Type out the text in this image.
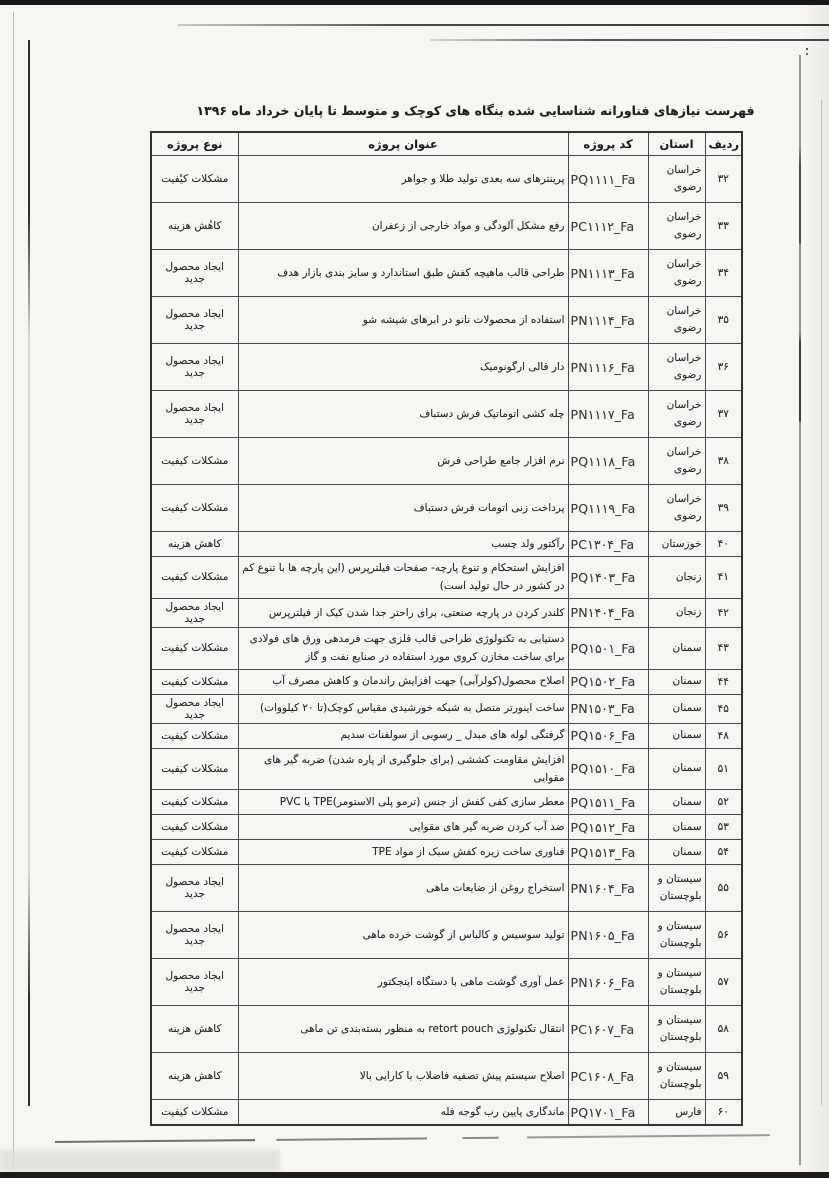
فهرست نیازهای فناورانه شناسایی شده بنگاه های کوچک و متوسط تا پایان خرداد ماه ۱۳۹۶
ردیف	استان	کد پروژه	عنوان پروژه	نوع پروژه
۳۲	خراسان رضوی	PQ۱۱۱۱_Fa	پرینترهای سه بعدی تولید طلا و جواهر	مشکلات کیفیت
۳۳	خراسان رضوی	PC۱۱۱۲_Fa	رفع مشکل آلودگی و مواد خارجی از زعفران	کاهش هزینه
۳۴	خراسان رضوی	PN۱۱۱۳_Fa	طراحی قالب ماهیچه کفش طبق استاندارد و سایز بندی بازار هدف	ایجاد محصول جدید
۳۵	خراسان رضوی	PN۱۱۱۴_Fa	استفاده از محصولات نانو در ابرهای شیشه شو	ایجاد محصول جدید
۳۶	خراسان رضوی	PN۱۱۱۶_Fa	دار قالی ارگونومیک	ایجاد محصول جدید
۳۷	خراسان رضوی	PN۱۱۱۷_Fa	چله کشی اتوماتیک فرش دستباف	ایجاد محصول جدید
۳۸	خراسان رضوی	PQ۱۱۱۸_Fa	نرم افزار جامع طراحی فرش	مشکلات کیفیت
۳۹	خراسان رضوی	PQ۱۱۱۹_Fa	پرداخت زنی اتومات فرش دستباف	مشکلات کیفیت
۴۰	خوزستان	PC۱۳۰۴_Fa	رآکتور ولد چسب	کاهش هزینه
۴۱	زنجان	PQ۱۴۰۳_Fa	افزایش استحکام و تنوع پارچه- صفحات فیلترپرس (این پارچه ها با تنوع کم در کشور در حال تولید است)	مشکلات کیفیت
۴۲	زنجان	PN۱۴۰۴_Fa	کلندر کردن در پارچه صنعتی، برای راحتر جدا شدن کیک از فیلترپرس	ایجاد محصول جدید
۴۳	سمنان	PQ۱۵۰۱_Fa	دستیابی به تکنولوژی طراحی قالب فلزی جهت فرمدهی ورق های فولادی برای ساخت مخازن کروی مورد استفاده در صنایع نفت و گاز	مشکلات کیفیت
۴۴	سمنان	PQ۱۵۰۲_Fa	اصلاح محصول(کولرآبی) جهت افزایش راندمان و کاهش مصرف آب	مشکلات کیفیت
۴۵	سمنان	PN۱۵۰۳_Fa	ساخت اینورتر متصل به شبکه خورشیدی مقیاس کوچک(تا ۲۰ کیلووات)	ایجاد محصول جدید
۴۸	سمنان	PQ۱۵۰۶_Fa	گرفتگی لوله های مبدل _ رسوبی از سولفنات سدیم	مشکلات کیفیت
۵۱	سمنان	PQ۱۵۱۰_Fa	افزایش مقاومت کششی (برای جلوگیری از پاره شدن) ضربه گیر های مقوایی	مشکلات کیفیت
۵۲	سمنان	PQ۱۵۱۱_Fa	معطر سازی کفی کفش از جنس (ترمو پلی الاستومر)TPE یا PVC	مشکلات کیفیت
۵۳	سمنان	PQ۱۵۱۲_Fa	ضد آب کردن ضربه گیر های مقوایی	مشکلات کیفیت
۵۴	سمنان	PQ۱۵۱۳_Fa	فناوری ساخت زیره کفش سبک از مواد TPE	مشکلات کیفیت
۵۵	سیستان و بلوچستان	PN۱۶۰۴_Fa	استخراج روغن از ضایعات ماهی	ایجاد محصول جدید
۵۶	سیستان و بلوچستان	PN۱۶۰۵_Fa	تولید سوسیس و کالباس از گوشت خرده ماهی	ایجاد محصول جدید
۵۷	سیستان و بلوچستان	PN۱۶۰۶_Fa	عمل آوری گوشت ماهی با دستگاه اینجکتور	ایجاد محصول جدید
۵۸	سیستان و بلوچستان	PC۱۶۰۷_Fa	انتقال تکنولوژی retort pouch به منظور بسته‌بندی تن ماهی	کاهش هزینه
۵۹	سیستان و بلوچستان	PC۱۶۰۸_Fa	اصلاح سیستم پیش تصفیه فاضلاب با کارایی بالا	کاهش هزینه
۶۰	فارس	PQ۱۷۰۱_Fa	ماندگاری پایین رب گوجه فله	مشکلات کیفیت
